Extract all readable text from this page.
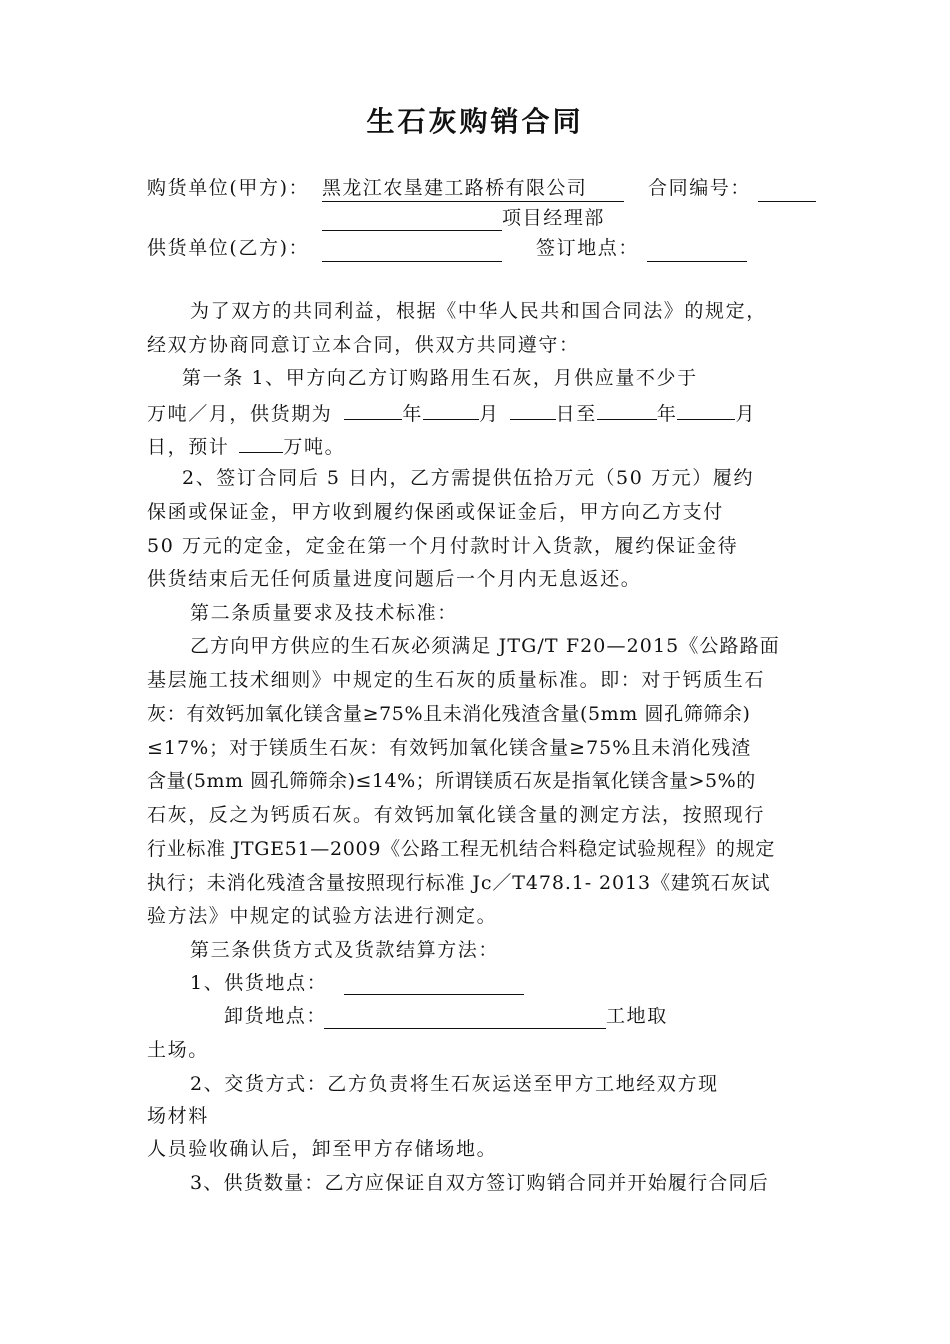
生石灰购销合同
购货单位(甲方)： 黑龙江农垦建工路桥有限公司	合同编号：
项目经理部
供货单位(乙方)：	签订地点：
为了双方的共同利益，根据《中华人民共和国合同法》的规定，
经双方协商同意订立本合同，供双方共同遵守：
第一条 1、甲方向乙方订购路用生石灰，月供应量不少于
万吨／月，供货期为	年	月	日至	年	月
日，预计	万吨。
2、签订合同后 5 日内，乙方需提供伍拾万元（50 万元）履约
保函或保证金，甲方收到履约保函或保证金后，甲方向乙方支付
50 万元的定金，定金在第一个月付款时计入货款，履约保证金待
供货结束后无任何质量进度问题后一个月内无息返还。
第二条质量要求及技术标准：
乙方向甲方供应的生石灰必须满足 JTG/T F20—2015《公路路面
基层施工技术细则》中规定的生石灰的质量标准。即：对于钙质生石
灰：有效钙加氧化镁含量≥75%且未消化残渣含量(5mm 圆孔筛筛余)
≤17%；对于镁质生石灰：有效钙加氧化镁含量≥75%且未消化残渣
含量(5mm 圆孔筛筛余)≤14%；所谓镁质石灰是指氧化镁含量>5%的
石灰，反之为钙质石灰。有效钙加氧化镁含量的测定方法，按照现行
行业标准 JTGE51—2009《公路工程无机结合料稳定试验规程》的规定
执行；未消化残渣含量按照现行标准 Jc／T478.1- 2013《建筑石灰试
验方法》中规定的试验方法进行测定。
第三条供货方式及货款结算方法：
1、供货地点：
卸货地点：	工地取
土场。
2、交货方式：乙方负责将生石灰运送至甲方工地经双方现
场材料
人员验收确认后，卸至甲方存储场地。
3、供货数量：乙方应保证自双方签订购销合同并开始履行合同后
